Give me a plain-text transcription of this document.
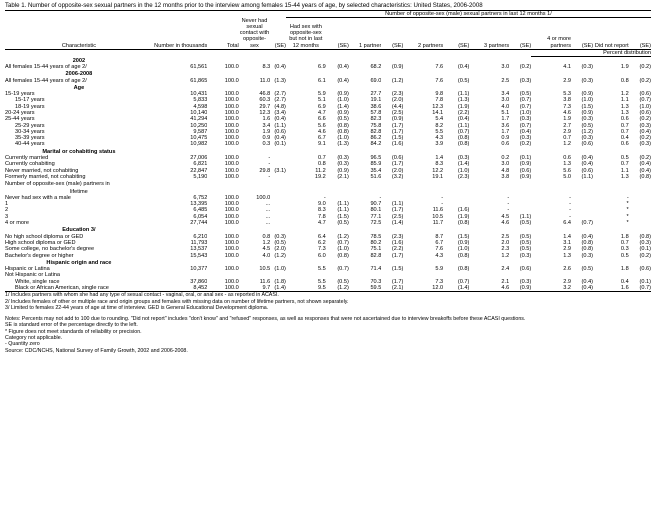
Table 1. Number of opposite-sex sexual partners in the 12 months prior to the interview among females 15-44 years of age, by selected characteristics: United States, 2006-2008
					Number of opposite-sex (male) sexual partners in last 12 months 1/											
Characteristic	Number in thousands	Total	Never had sexual contact with opposite-sex	(SE)	Had sex with opposite-sex but not in last 12 months	(SE)	1 partner	(SE)	2 partners	(SE)	3 partners	(SE)	4 or more partners	(SE)	Did not report	(SE)
													Percent distribution			
2002																
All females 15-44 years of age 2/	61,561	100.0	8.3	(0.4)	6.9	(0.4)	68.2	(0.9)	7.6	(0.4)	3.0	(0.2)	4.1	(0.3)	1.9	(0.2)
2006-2008																
All females 15-44 years of age 2/	61,865	100.0	11.0	(1.3)	6.1	(0.4)	69.0	(1.2)	7.6	(0.5)	2.5	(0.3)	2.9	(0.3)	0.8	(0.2)
Age																
15-19 years	10,431	100.0	46.8	(2.7)	5.9	(0.9)	27.7	(2.3)	9.8	(1.1)	3.4	(0.5)	5.3	(0.9)	1.2	(0.6)
15-17 years	5,833	100.0	60.3	(2.7)	5.1	(1.0)	19.1	(2.0)	7.8	(1.3)	3.0	(0.7)	3.8	(1.0)	1.1	(0.7)
18-19 years	4,598	100.0	29.7	(4.8)	6.9	(1.4)	38.6	(4.4)	12.3	(1.9)	4.0	(0.7)	7.3	(1.5)	1.3	(1.0)
20-24 years	10,140	100.0	12.3	(3.4)	4.7	(0.9)	57.8	(2.5)	14.1	(2.2)	5.1	(1.0)	4.6	(0.9)	1.3	(0.6)
25-44 years	41,294	100.0	1.6	(0.4)	6.6	(0.5)	82.3	(0.9)	5.4	(0.4)	1.7	(0.3)	1.9	(0.3)	0.6	(0.2)
25-29 years	10,250	100.0	3.4	(1.1)	5.6	(0.8)	75.8	(1.7)	8.2	(1.1)	3.6	(0.7)	2.7	(0.5)	0.7	(0.3)
30-34 years	9,587	100.0	1.9	(0.6)	4.6	(0.8)	82.8	(1.7)	5.5	(0.7)	1.7	(0.4)	2.9	(1.2)	0.7	(0.4)
35-39 years	10,475	100.0	0.9	(0.4)	6.7	(1.0)	86.2	(1.5)	4.3	(0.8)	0.9	(0.3)	0.7	(0.3)	0.4	(0.2)
40-44 years	10,982	100.0	0.3	(0.1)	9.1	(1.3)	84.2	(1.6)	3.9	(0.8)	0.6	(0.2)	1.2	(0.6)	0.6	(0.3)
Marital or cohabiting status																
Currently married	27,006	100.0	-		0.7	(0.3)	96.5	(0.6)	1.4	(0.3)	0.2	(0.1)	0.6	(0.4)	0.5	(0.2)
Currently cohabiting	6,821	100.0	-		0.8	(0.3)	85.9	(1.7)	8.3	(1.4)	3.0	(0.9)	1.3	(0.4)	0.7	(0.4)
Never married, not cohabiting	22,847	100.0	29.8	(3.1)	11.2	(0.9)	35.4	(2.0)	12.2	(1.0)	4.8	(0.6)	5.6	(0.6)	1.1	(0.4)
Formerly married, not cohabiting	5,190	100.0	-		19.2	(2.1)	51.6	(3.2)	19.1	(2.3)	3.8	(0.9)	5.0	(1.1)	1.3	(0.8)
Number of opposite-sex (male) partners in																
lifetime																
Never had sex with a male	6,752	100.0	100.0		-		-		-		-		-		-	
1	13,395	100.0	...		9.0	(1.1)	90.7	(1.1)	-		-		-		*	
2	6,485	100.0	...		8.3	(1.1)	80.1	(1.7)	11.6	(1.6)	-		-		*	
3	6,054	100.0	...		7.8	(1.5)	77.1	(2.5)	10.5	(1.9)	4.5	(1.1)	-		*	
4 or more	27,744	100.0	...		4.7	(0.5)	72.5	(1.4)	11.7	(0.8)	4.6	(0.5)	6.4	(0.7)	*	
Education 3/																
No high school diploma or GED	6,210	100.0	0.8	(0.3)	6.4	(1.2)	78.5	(2.3)	8.7	(1.5)	2.5	(0.5)	1.4	(0.4)	1.8	(0.8)
High school diploma or GED	11,793	100.0	1.2	(0.5)	6.2	(0.7)	80.2	(1.6)	6.7	(0.9)	2.0	(0.5)	3.1	(0.8)	0.7	(0.3)
Some college, no bachelor's degree	13,537	100.0	4.5	(2.0)	7.3	(1.0)	75.1	(2.2)	7.6	(1.0)	2.3	(0.5)	2.9	(0.8)	0.3	(0.1)
Bachelor's degree or higher	15,543	100.0	4.0	(1.2)	6.0	(0.8)	82.8	(1.7)	4.3	(0.8)	1.2	(0.3)	1.3	(0.3)	0.5	(0.2)
Hispanic origin and race																
Hispanic or Latina	10,377	100.0	10.5	(1.0)	5.5	(0.7)	71.4	(1.5)	5.9	(0.8)	2.4	(0.6)	2.6	(0.5)	1.8	(0.6)
Not Hispanic or Latina																
White, single race	37,860	100.0	11.6	(1.8)	5.5	(0.5)	70.3	(1.7)	7.3	(0.7)	2.1	(0.3)	2.9	(0.4)	0.4	(0.1)
Black or African American, single race	8,452	100.0	9.7	(1.4)	9.5	(1.2)	59.5	(2.1)	12.0	(1.4)	4.6	(0.9)	3.2	(0.4)	1.6	(0.7)
1/ Includes partners with whom she had any type of sexual contact - vaginal, oral, or anal sex - as reported in ACASI.
2/ Includes females of other or multiple race and origin groups and females with missing data on number of lifetime partners, not shown separately.
3/ Limited to females 22-44 years of age at time of interview. GED is General Educational Development diploma.
Notes: Percents may not add to 100 due to rounding. "Did not report" includes "don't know" and "refused" responses, as well as responses that were not ascertained due to interview breakoffs before these ACASI questions.
SE is standard error of the percentage directly to the left.
* Figure does not meet standards of reliability or precision.
Category not applicable.
- Quantity zero
Source: CDC/NCHS, National Survey of Family Growth, 2002 and 2006-2008.
